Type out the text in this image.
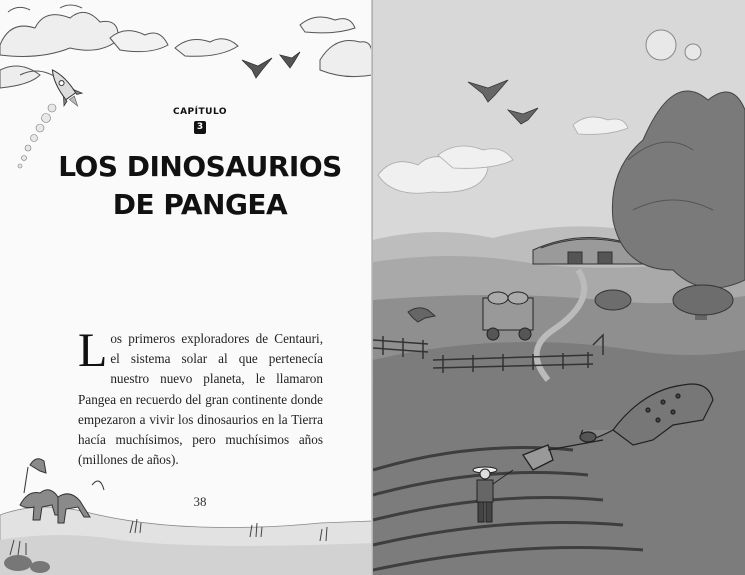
CAPÍTULO
3
LOS DINOSAURIOS
DE PANGEA
L os primeros exploradores de Centauri, el sistema solar al que pertenecía nuestro nuevo planeta, le llamaron Pangea en recuerdo del gran continente donde empezaron a vivir los dinosaurios en la Tierra hacía muchísimos, pero muchísimos años (millones de años).
38
